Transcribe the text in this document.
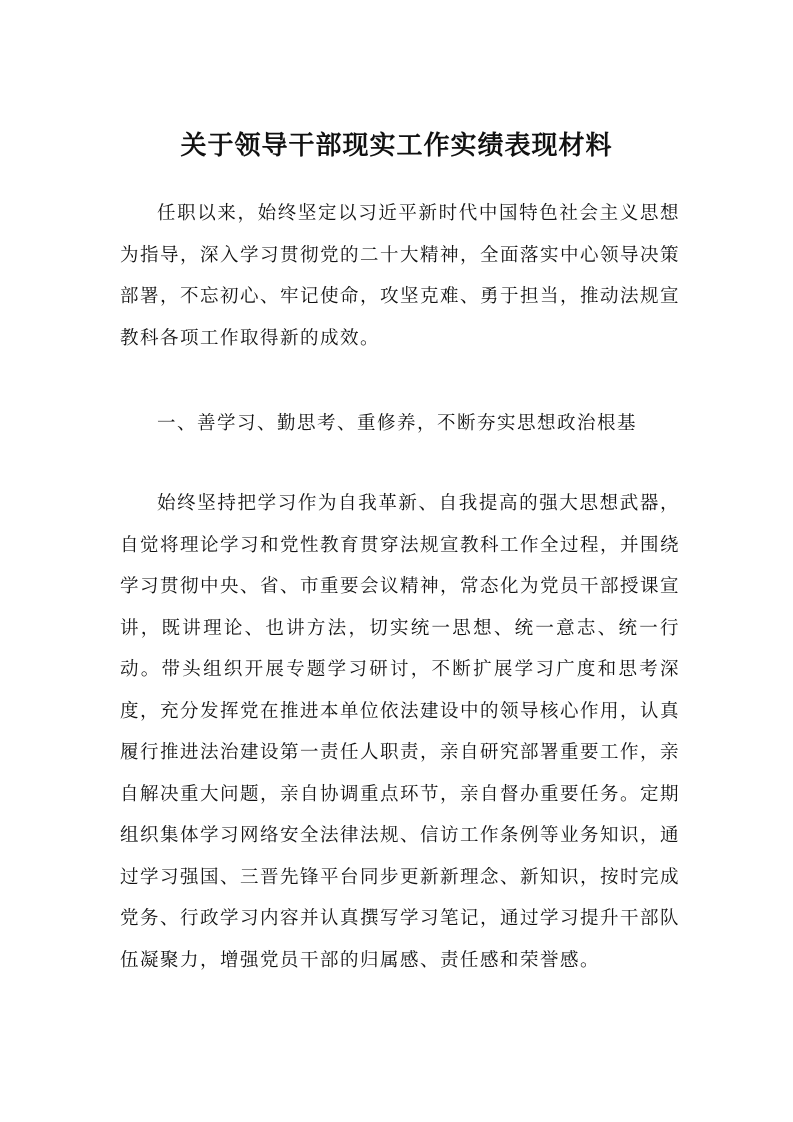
关于领导干部现实工作实绩表现材料

任职以来，始终坚定以习近平新时代中国特色社会主义思想为指导，深入学习贯彻党的二十大精神，全面落实中心领导决策部署，不忘初心、牢记使命，攻坚克难、勇于担当，推动法规宣教科各项工作取得新的成效。

一、善学习、勤思考、重修养，不断夯实思想政治根基

始终坚持把学习作为自我革新、自我提高的强大思想武器，自觉将理论学习和党性教育贯穿法规宣教科工作全过程，并围绕学习贯彻中央、省、市重要会议精神，常态化为党员干部授课宣讲，既讲理论、也讲方法，切实统一思想、统一意志、统一行动。带头组织开展专题学习研讨，不断扩展学习广度和思考深度，充分发挥党在推进本单位依法建设中的领导核心作用，认真履行推进法治建设第一责任人职责，亲自研究部署重要工作，亲自解决重大问题，亲自协调重点环节，亲自督办重要任务。定期组织集体学习网络安全法律法规、信访工作条例等业务知识，通过学习强国、三晋先锋平台同步更新新理念、新知识，按时完成党务、行政学习内容并认真撰写学习笔记，通过学习提升干部队伍凝聚力，增强党员干部的归属感、责任感和荣誉感。
